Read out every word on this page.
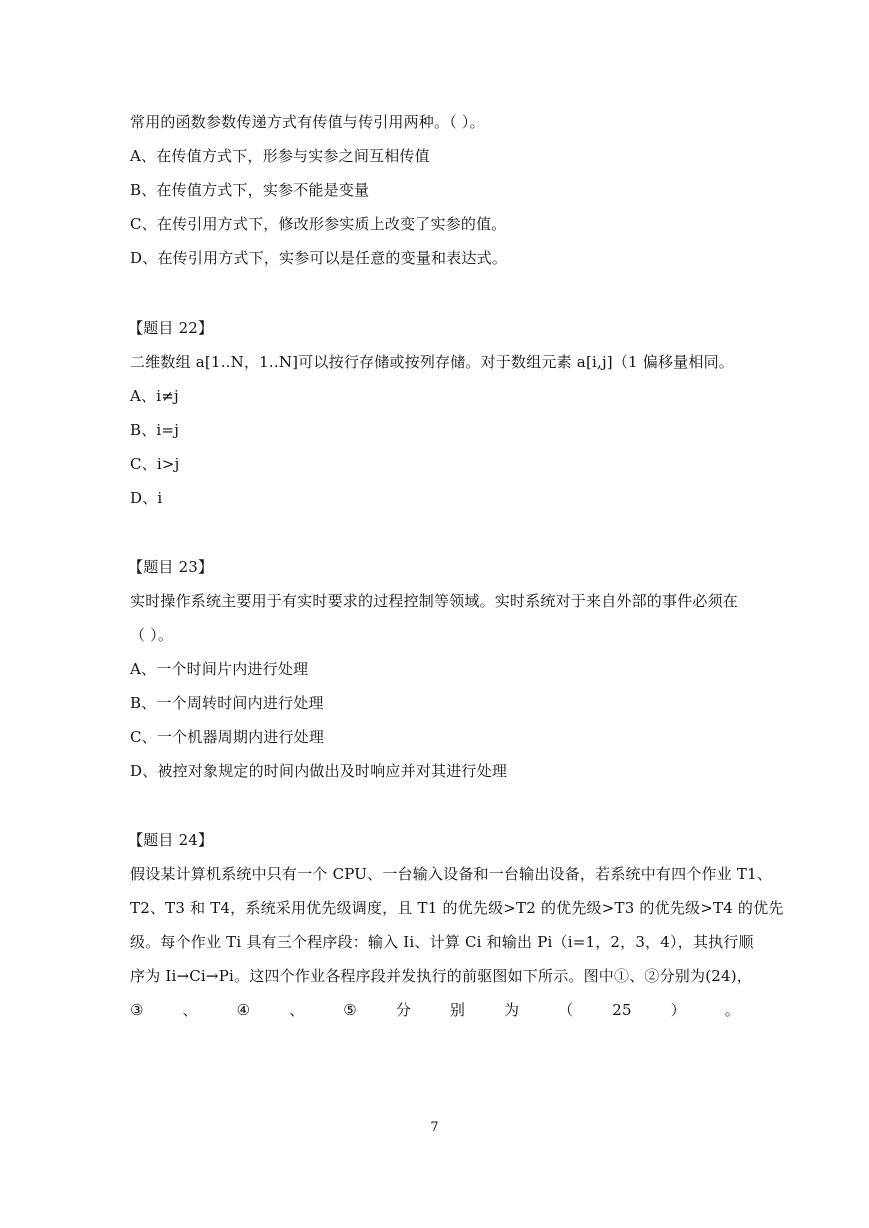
常用的函数参数传递方式有传值与传引用两种。（ ）。
A、在传值方式下，形参与实参之间互相传值
B、在传值方式下，实参不能是变量
C、在传引用方式下，修改形参实质上改变了实参的值。
D、在传引用方式下，实参可以是任意的变量和表达式。
【题目 22】
二维数组 a[1..N，1..N]可以按行存储或按列存储。对于数组元素 a[i,j]（1 偏移量相同。
A、i≠j
B、i=j
C、i>j
D、i
【题目 23】
实时操作系统主要用于有实时要求的过程控制等领域。实时系统对于来自外部的事件必须在
（ ）。
A、一个时间片内进行处理
B、一个周转时间内进行处理
C、一个机器周期内进行处理
D、被控对象规定的时间内做出及时响应并对其进行处理
【题目 24】
假设某计算机系统中只有一个 CPU、一台输入设备和一台输出设备，若系统中有四个作业 T1、
T2、T3 和 T4，系统采用优先级调度，且 T1 的优先级>T2 的优先级>T3 的优先级>T4 的优先
级。每个作业 Ti 具有三个程序段：输入 Ii、计算 Ci 和输出 Pi（i=1，2，3，4），其执行顺
序为 Ii→Ci→Pi。这四个作业各程序段并发执行的前驱图如下所示。图中①、②分别为(24)，
③	、	④	、	⑤	分	别	为	（	25	）	。
7
